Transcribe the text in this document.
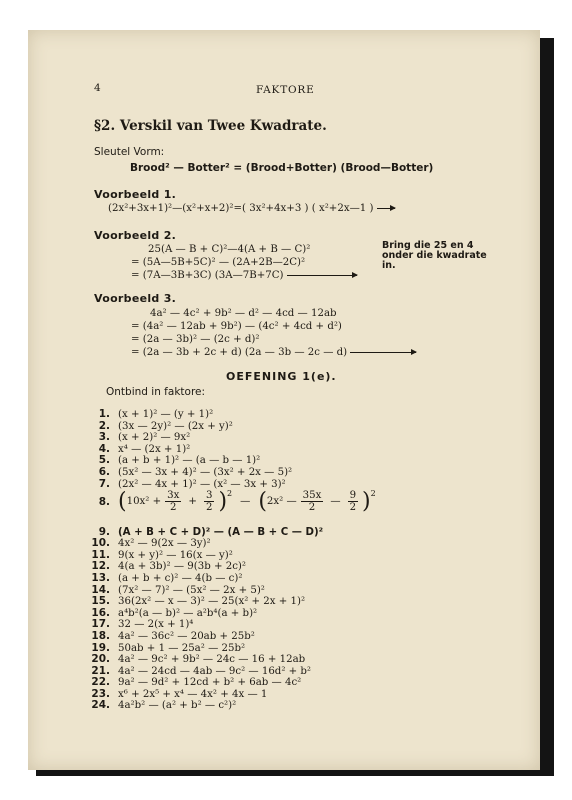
4	FAKTORE
§2. Verskil van Twee Kwadrate.
Sleutel Vorm:
Brood² — Botter² = (Brood+Botter) (Brood—Botter)
Voorbeeld 1.
(2x²+3x+1)²—(x²+x+2)²=( 3x²+4x+3 ) ( x²+2x—1 )
Voorbeeld 2.
25(A — B + C)²—4(A + B — C)²
= (5A—5B+5C)² — (2A+2B—2C)²
= (7A—3B+3C) (3A—7B+7C)
Bring die 25 en 4
onder die kwadrate
in.
Voorbeeld 3.
4a² — 4c² + 9b² — d² — 4cd — 12ab
= (4a² — 12ab + 9b²) — (4c² + 4cd + d²)
= (2a — 3b)² — (2c + d)²
= (2a — 3b + 2c + d) (2a — 3b — 2c — d)
OEFENING 1(e).
Ontbind in faktore:
1. (x + 1)² — (y + 1)²
2. (3x — 2y)² — (2x + y)²
3. (x + 2)² — 9x²
4. x⁴ — (2x + 1)²
5. (a + b + 1)² — (a — b — 1)²
6. (5x² — 3x + 4)² — (3x² + 2x — 5)²
7. (2x² — 4x + 1)² — (x² — 3x + 3)²
8. ( $10x^2 + \frac{3x}{2} + \frac{3}{2} )^2$
— ( 2x² — $\frac{35x}{2}$ — $\frac{9}{2} )^2$
9. (A + B + C + D)² — (A — B + C — D)²
10. 4x² — 9(2x — 3y)²
11. 9(x + y)² — 16(x — y)²
12. 4(a + 3b)² — 9(3b + 2c)²
13. (a + b + c)² — 4(b — c)²
14. (7x² — 7)² — (5x² — 2x + 5)²
15. 36(2x² — x — 3)² — 25(x² + 2x + 1)²
16. a⁴b²(a — b)² — a²b⁴(a + b)²
17. 32 — 2(x + 1)⁴
18. 4a² — 36c² — 20ab + 25b²
19. 50ab + 1 — 25a² — 25b²
20. 4a² — 9c² + 9b² — 24c — 16 + 12ab
21. 4a² — 24cd — 4ab — 9c² — 16d² + b²
22. 9a² — 9d² + 12cd + b² + 6ab — 4c²
23. x⁶ + 2x⁵ + x⁴ — 4x² + 4x — 1
24. 4a²b² — (a² + b² — c²)²
